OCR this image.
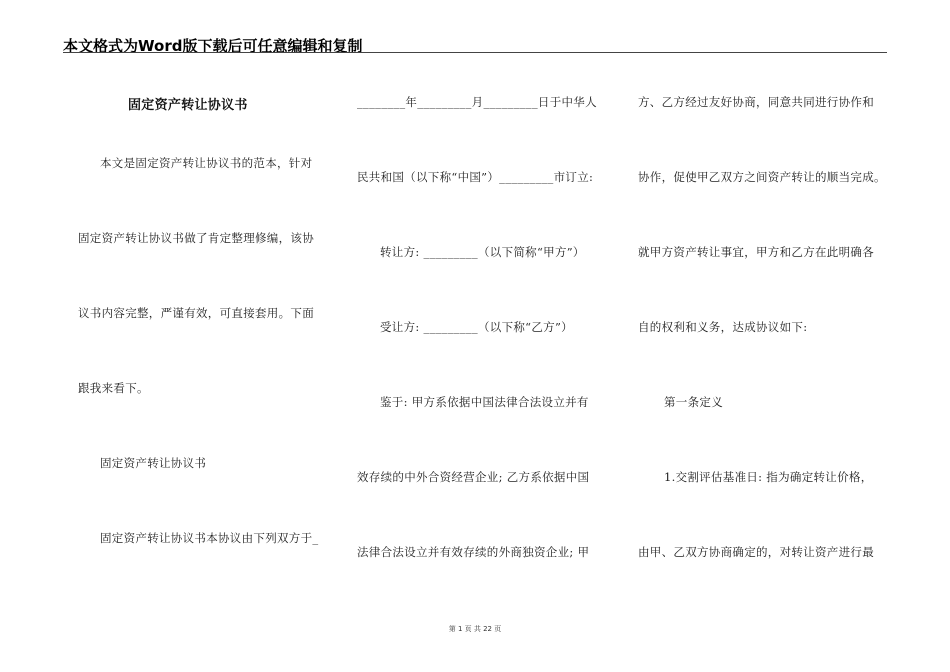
本文格式为Word版下载后可任意编辑和复制
固定资产转让协议书
本文是固定资产转让协议书的范本，针对
固定资产转让协议书做了肯定整理修编，该协
议书内容完整，严谨有效，可直接套用。下面
跟我来看下。
固定资产转让协议书
固定资产转让协议书本协议由下列双方于_
________年_________月_________日于中华人
民共和国（以下称“中国”）_________市订立:
转让方: _________（以下简称“甲方”）
受让方: _________（以下称“乙方”）
鉴于: 甲方系依据中国法律合法设立并有
效存续的中外合资经营企业; 乙方系依据中国
法律合法设立并有效存续的外商独资企业; 甲
方、乙方经过友好协商，同意共同进行协作和
协作，促使甲乙双方之间资产转让的顺当完成。
就甲方资产转让事宜，甲方和乙方在此明确各
自的权利和义务，达成协议如下:
第一条定义
1.交割评估基准日: 指为确定转让价格，
由甲、乙双方协商确定的，对转让资产进行最
第 1 页 共 22 页
